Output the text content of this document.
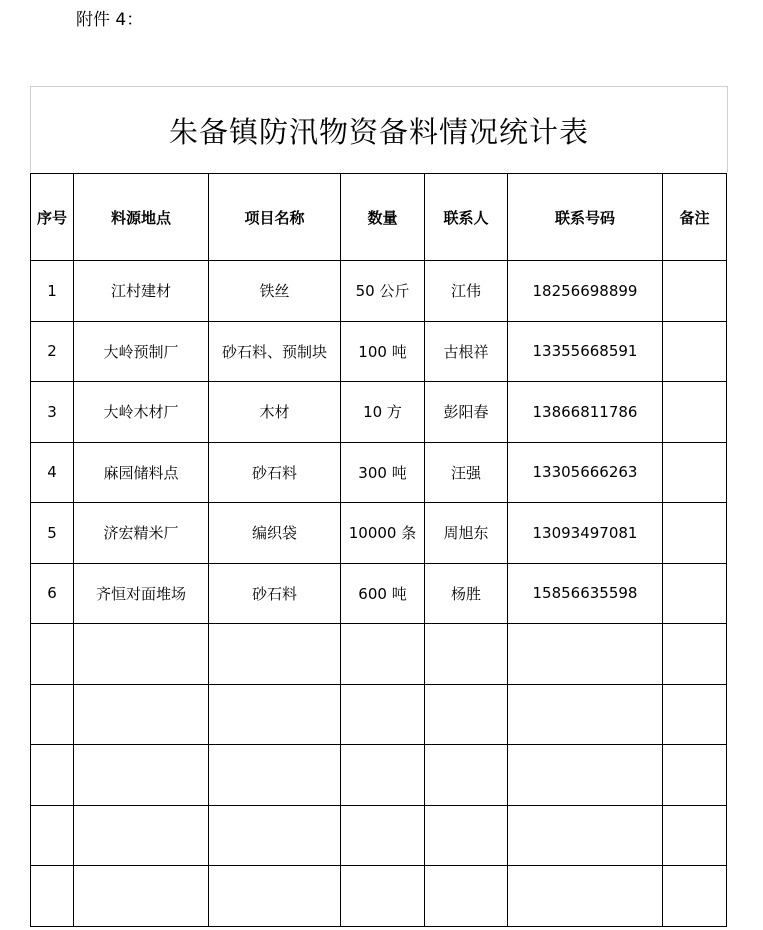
附件 4：
朱备镇防汛物资备料情况统计表
序号	料源地点	项目名称	数量	联系人	联系号码	备注
1	江村建材	铁丝	50 公斤	江伟	18256698899	
2	大岭预制厂	砂石料、预制块	100 吨	古根祥	13355668591	
3	大岭木材厂	木材	10 方	彭阳春	13866811786	
4	麻园储料点	砂石料	300 吨	汪强	13305666263	
5	济宏精米厂	编织袋	10000 条	周旭东	13093497081	
6	齐恒对面堆场	砂石料	600 吨	杨胜	15856635598	
